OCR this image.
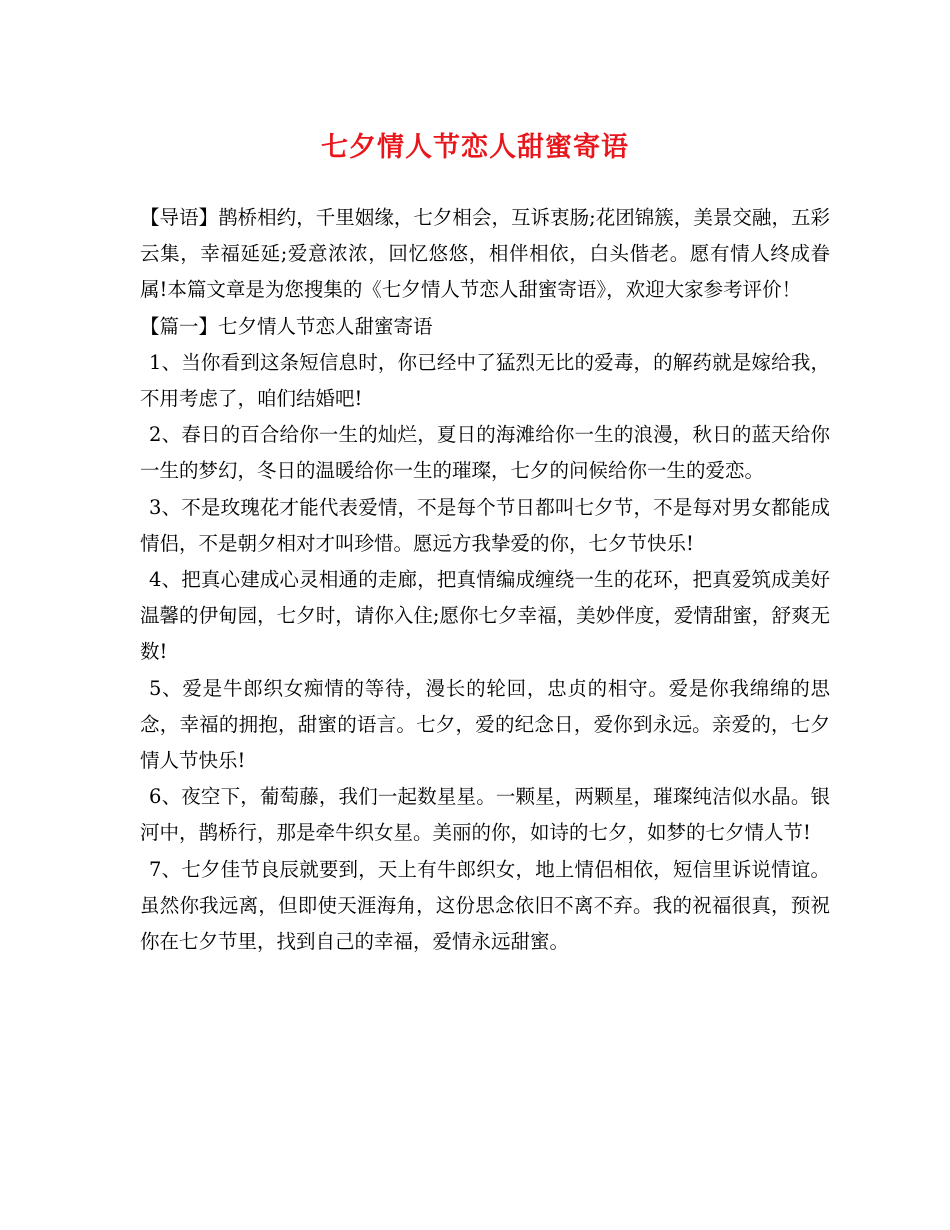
七夕情人节恋人甜蜜寄语

【导语】鹊桥相约，千里姻缘，七夕相会，互诉衷肠;花团锦簇，美景交融，五彩云集，幸福延延;爱意浓浓，回忆悠悠，相伴相依，白头偕老。愿有情人终成眷属!本篇文章是为您搜集的《七夕情人节恋人甜蜜寄语》，欢迎大家参考评价！

【篇一】七夕情人节恋人甜蜜寄语

1、当你看到这条短信息时，你已经中了猛烈无比的爱毒，的解药就是嫁给我，不用考虑了，咱们结婚吧!

2、春日的百合给你一生的灿烂，夏日的海滩给你一生的浪漫，秋日的蓝天给你一生的梦幻，冬日的温暖给你一生的璀璨，七夕的问候给你一生的爱恋。

3、不是玫瑰花才能代表爱情，不是每个节日都叫七夕节，不是每对男女都能成情侣，不是朝夕相对才叫珍惜。愿远方我挚爱的你，七夕节快乐!

4、把真心建成心灵相通的走廊，把真情编成缠绕一生的花环，把真爱筑成美好温馨的伊甸园，七夕时，请你入住;愿你七夕幸福，美妙伴度，爱情甜蜜，舒爽无数!

5、爱是牛郎织女痴情的等待，漫长的轮回，忠贞的相守。爱是你我绵绵的思念，幸福的拥抱，甜蜜的语言。七夕，爱的纪念日，爱你到永远。亲爱的，七夕情人节快乐!

6、夜空下，葡萄藤，我们一起数星星。一颗星，两颗星，璀璨纯洁似水晶。银河中，鹊桥行，那是牵牛织女星。美丽的你，如诗的七夕，如梦的七夕情人节!

7、七夕佳节良辰就要到，天上有牛郎织女，地上情侣相依，短信里诉说情谊。虽然你我远离，但即使天涯海角，这份思念依旧不离不弃。我的祝福很真，预祝你在七夕节里，找到自己的幸福，爱情永远甜蜜。
